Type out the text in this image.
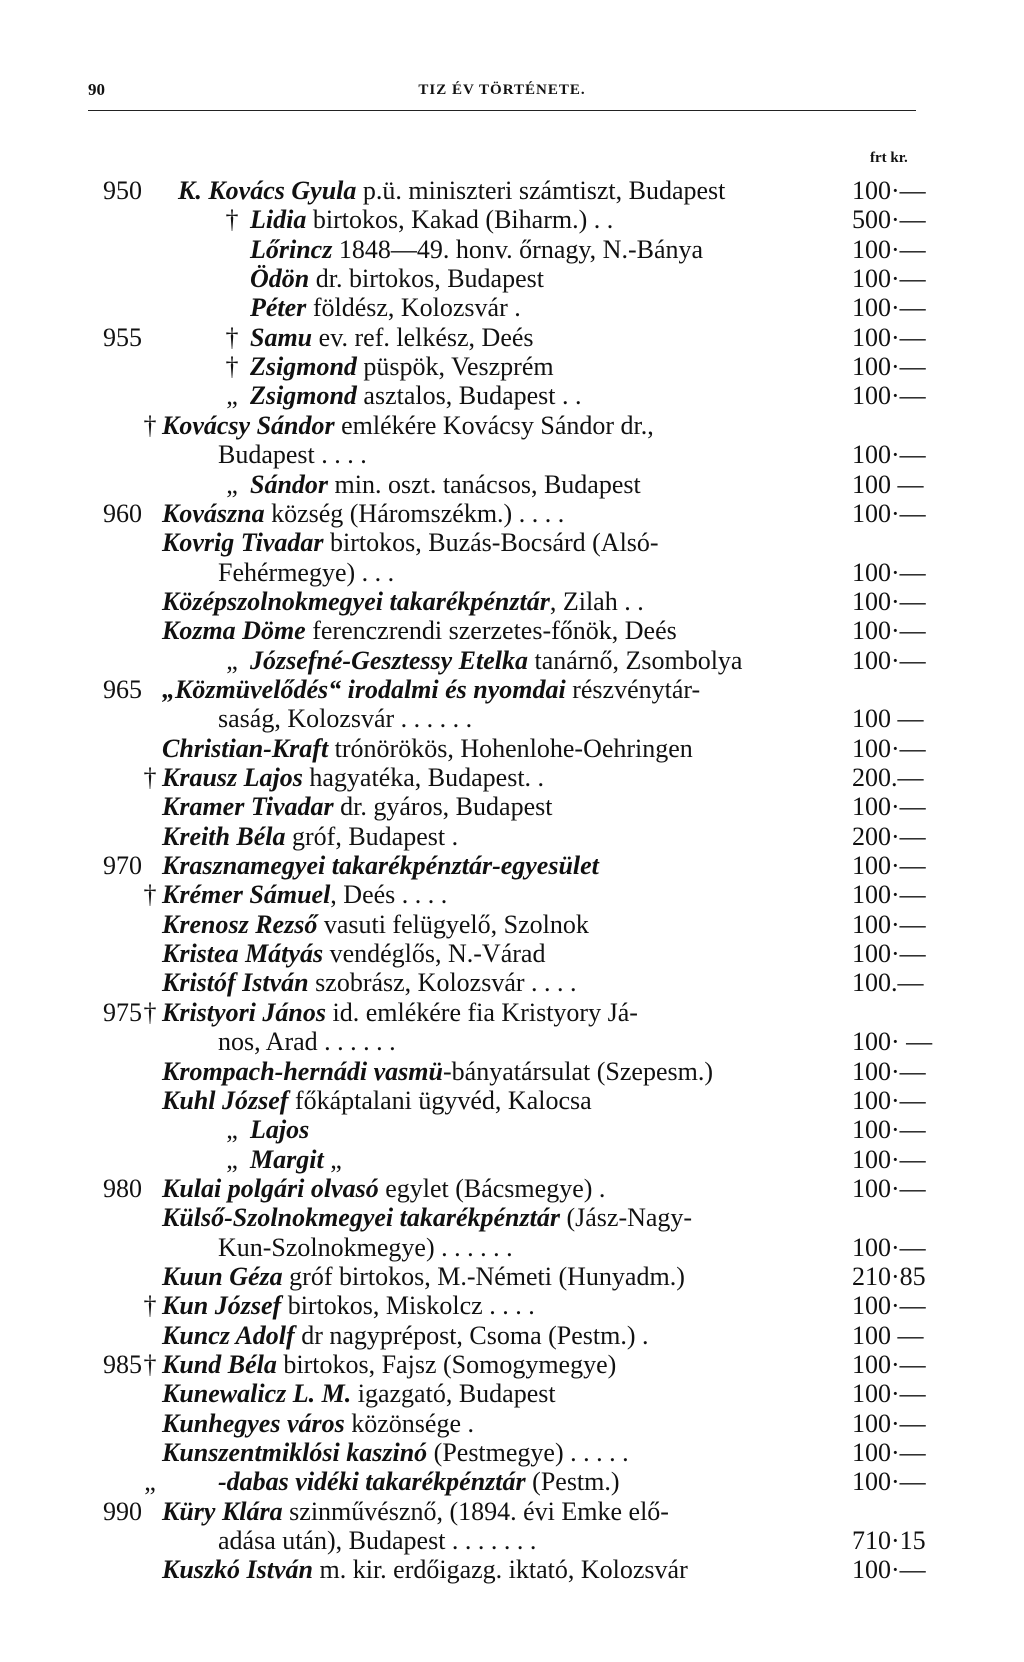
90	TIZ ÉV TÖRTÉNETE.
frt kr.
950	K. Kovács Gyula p.ü. miniszteri számtiszt, Budapest	100·—
† Lidia birtokos, Kakad (Biharm.) . .	500·—
Lőrincz 1848—49. honv. őrnagy, N.-Bánya	100·—
Ödön dr. birtokos, Budapest	100·—
Péter földész, Kolozsvár .	100·—
955	† Samu ev. ref. lelkész, Deés	100·—
† Zsigmond püspök, Veszprém	100·—
„ Zsigmond asztalos, Budapest . .	100·—
† Kovácsy Sándor emlékére Kovácsy Sándor dr.,
Budapest . . . .	100·—
„ Sándor min. oszt. tanácsos, Budapest	100 —
960 Kovászna község (Háromszékm.) . . . .	100·—
Kovrig Tivadar birtokos, Buzás-Bocsárd (Alsó-
Fehérmegye) . . .	100·—
Középszolnokmegyei takarékpénztár, Zilah . .	100·—
Kozma Döme ferenczrendi szerzetes-főnök, Deés	100·—
„ Józsefné-Gesztessy Etelka tanárnő, Zsombolya	100·—
965 „Közmüvelődés“ irodalmi és nyomdai részvénytár-
saság, Kolozsvár . . . . . .	100 —
Christian-Kraft trónörökös, Hohenlohe-Oehringen	100·—
† Krausz Lajos hagyatéka, Budapest. .	200.—
Kramer Tivadar dr. gyáros, Budapest	100·—
Kreith Béla gróf, Budapest .	200·—
970 Krasznamegyei takarékpénztár-egyesület	100·—
† Krémer Sámuel, Deés . . . .	100·—
Krenosz Rezső vasuti felügyelő, Szolnok	100·—
Kristea Mátyás vendéglős, N.-Várad	100·—
Kristóf István szobrász, Kolozsvár . . . .	100.—
975 † Kristyori János id. emlékére fia Kristyory Já-
nos, Arad . . . . . .	100· —
Krompach-hernádi vasmü-bányatársulat (Szepesm.)	100·—
Kuhl József főkáptalani ügyvéd, Kalocsa	100·—
„ Lajos	100·—
„ Margit „	100·—
980 Kulai polgári olvasó egylet (Bácsmegye) .	100·—
Külső-Szolnokmegyei takarékpénztár (Jász-Nagy-
Kun-Szolnokmegye) . . . . . .	100·—
Kuun Géza gróf birtokos, M.-Németi (Hunyadm.)	210·85
† Kun József birtokos, Miskolcz . . . .	100·—
Kuncz Adolf dr nagyprépost, Csoma (Pestm.) .	100 —
985 † Kund Béla birtokos, Fajsz (Somogymegye)	100·—
Kunewalicz L. M. igazgató, Budapest	100·—
Kunhegyes város közönsége .	100·—
Kunszentmiklósi kaszinó (Pestmegye) . . . . .	100·—
„ -dabas vidéki takarékpénztár (Pestm.)	100·—
990 Küry Klára szinművésznő, (1894. évi Emke elő-
adása után), Budapest . . . . . . .	710·15
Kuszkó István m. kir. erdőigazg. iktató, Kolozsvár	100·—
